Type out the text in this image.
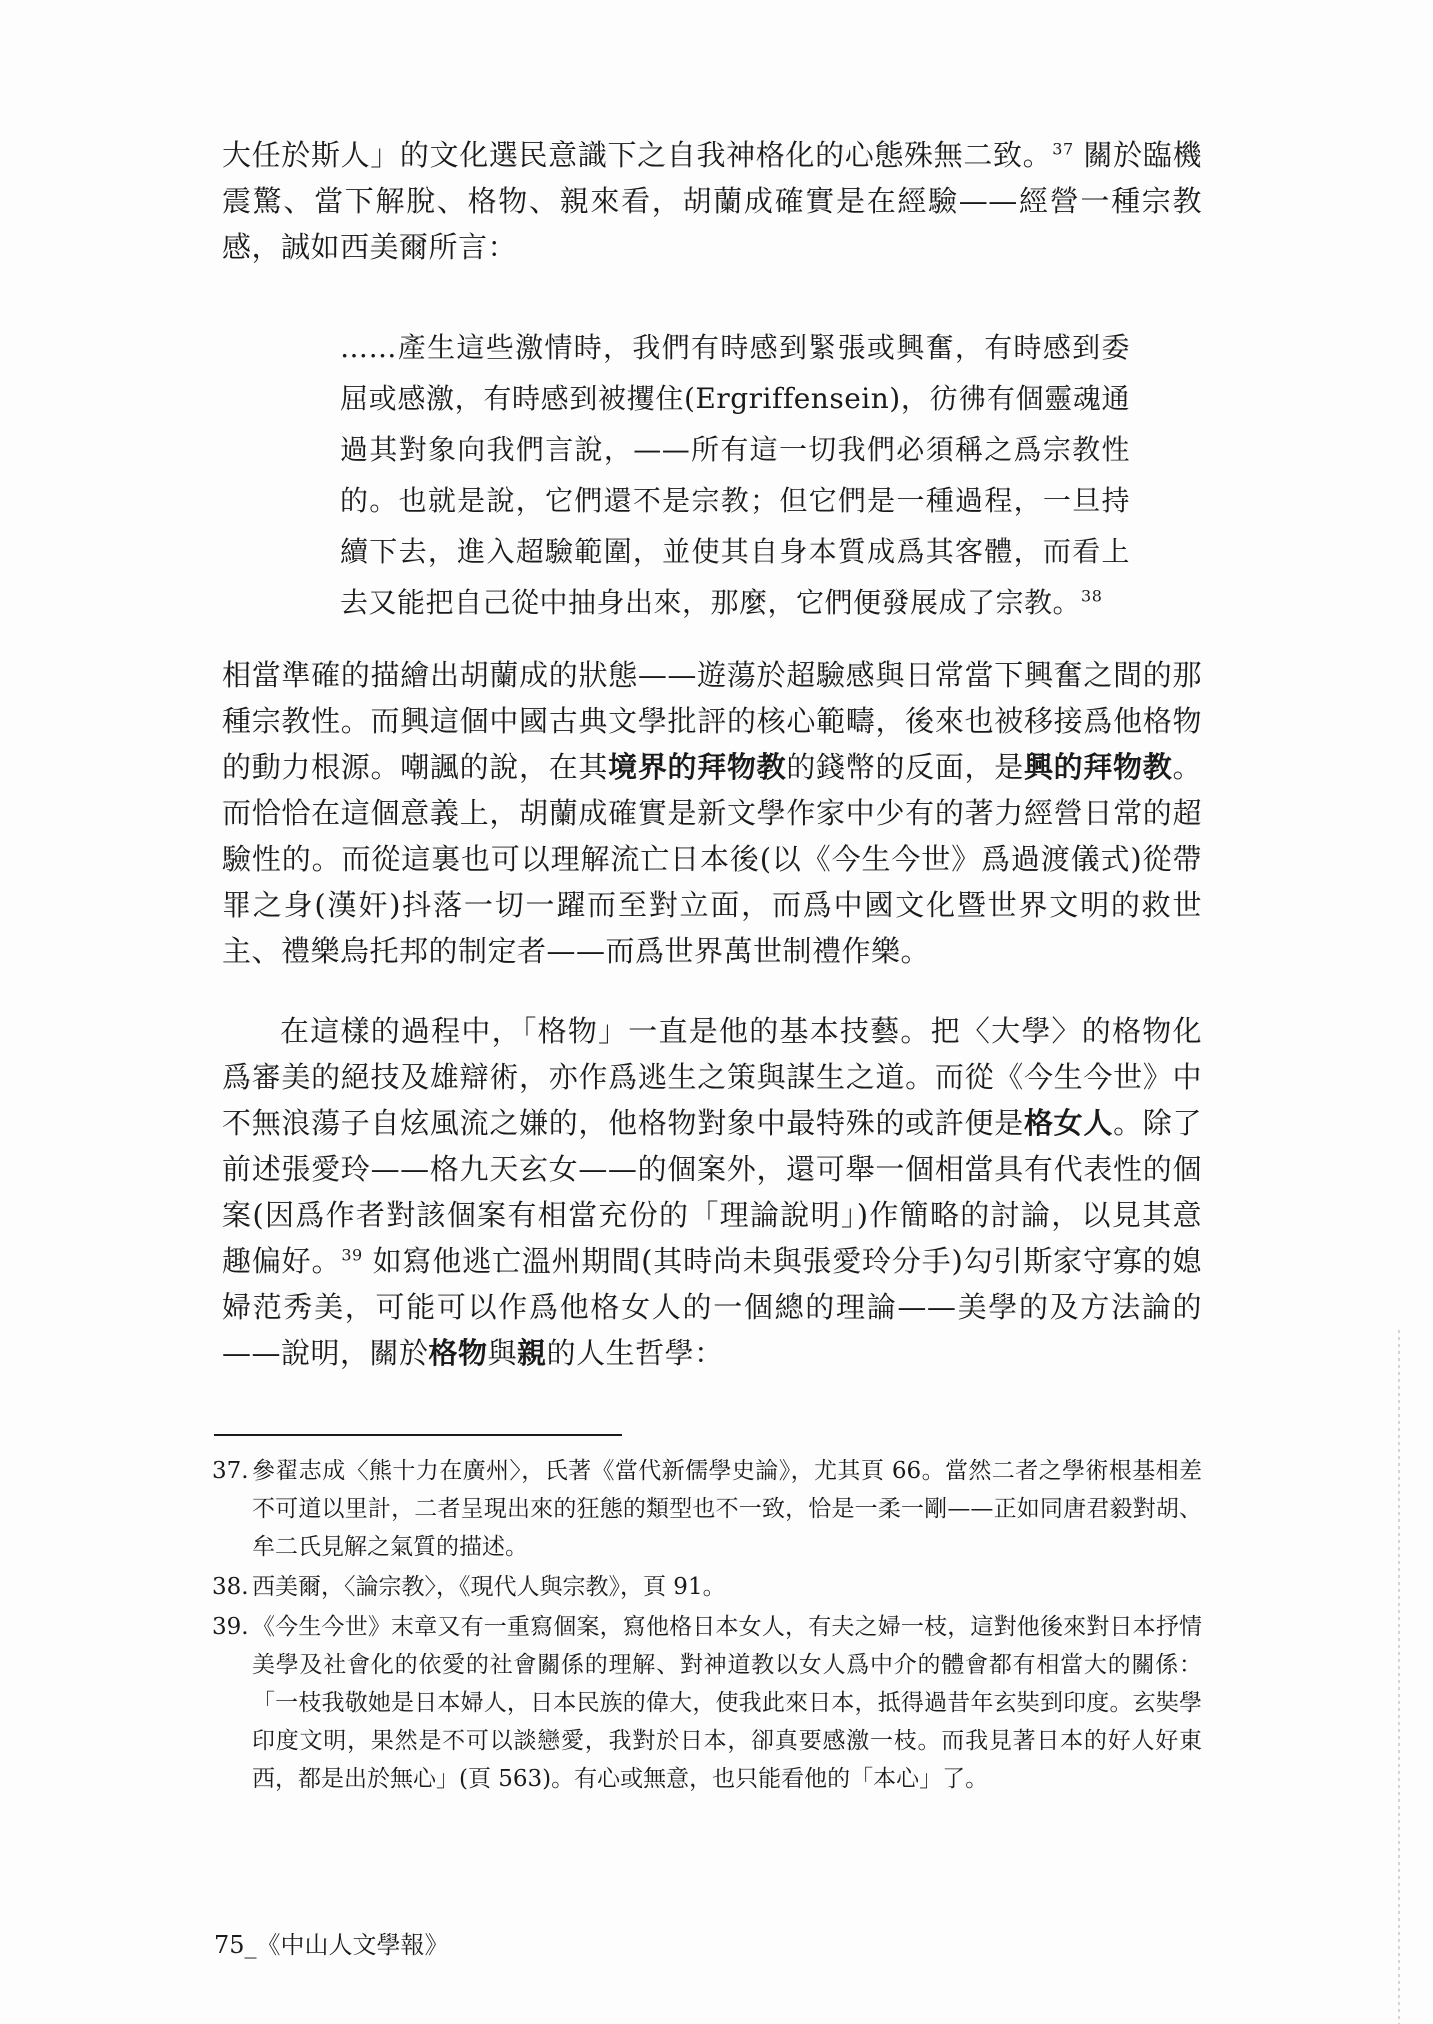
大任於斯人」的文化選民意識下之自我神格化的心態殊無二致。$^{37}$ 關於臨機震驚、當下解脫、格物、親來看，胡蘭成確實是在經驗——經營一種宗教感，誠如西美爾所言：

……產生這些激情時，我們有時感到緊張或興奮，有時感到委屈或感激，有時感到被攫住(Ergriffensein)，彷彿有個靈魂通過其對象向我們言說，——所有這一切我們必須稱之爲宗教性的。也就是說，它們還不是宗教；但它們是一種過程，一旦持續下去，進入超驗範圍，並使其自身本質成爲其客體，而看上去又能把自己從中抽身出來，那麼，它們便發展成了宗教。$^{38}$

相當準確的描繪出胡蘭成的狀態——遊蕩於超驗感與日常當下興奮之間的那種宗教性。而興這個中國古典文學批評的核心範疇，後來也被移接爲他格物的動力根源。嘲諷的說，在其境界的拜物教的錢幣的反面，是興的拜物教。而恰恰在這個意義上，胡蘭成確實是新文學作家中少有的著力經營日常的超驗性的。而從這裏也可以理解流亡日本後(以《今生今世》爲過渡儀式)從帶罪之身(漢奸)抖落一切一躍而至對立面，而爲中國文化暨世界文明的救世主、禮樂烏托邦的制定者——而爲世界萬世制禮作樂。

在這樣的過程中，「格物」一直是他的基本技藝。把〈大學〉的格物化爲審美的絕技及雄辯術，亦作爲逃生之策與謀生之道。而從《今生今世》中不無浪蕩子自炫風流之嫌的，他格物對象中最特殊的或許便是格女人。除了前述張愛玲——格九天玄女——的個案外，還可舉一個相當具有代表性的個案(因爲作者對該個案有相當充份的「理論說明」)作簡略的討論，以見其意趣偏好。$^{39}$ 如寫他逃亡溫州期間(其時尚未與張愛玲分手)勾引斯家守寡的媳婦范秀美，可能可以作爲他格女人的一個總的理論——美學的及方法論的——說明，關於格物與親的人生哲學：

37. 參翟志成〈熊十力在廣州〉，氏著《當代新儒學史論》，尤其頁 66。當然二者之學術根基相差不可道以里計，二者呈現出來的狂態的類型也不一致，恰是一柔一剛——正如同唐君毅對胡、牟二氏見解之氣質的描述。
38. 西美爾，〈論宗教〉，《現代人與宗教》，頁 91。
39. 《今生今世》末章又有一重寫個案，寫他格日本女人，有夫之婦一枝，這對他後來對日本抒情美學及社會化的依愛的社會關係的理解、對神道教以女人爲中介的體會都有相當大的關係：「一枝我敬她是日本婦人，日本民族的偉大，使我此來日本，抵得過昔年玄奘到印度。玄奘學印度文明，果然是不可以談戀愛，我對於日本，卻真要感激一枝。而我見著日本的好人好東西，都是出於無心」(頁 563)。有心或無意，也只能看他的「本心」了。
75_《中山人文學報》
